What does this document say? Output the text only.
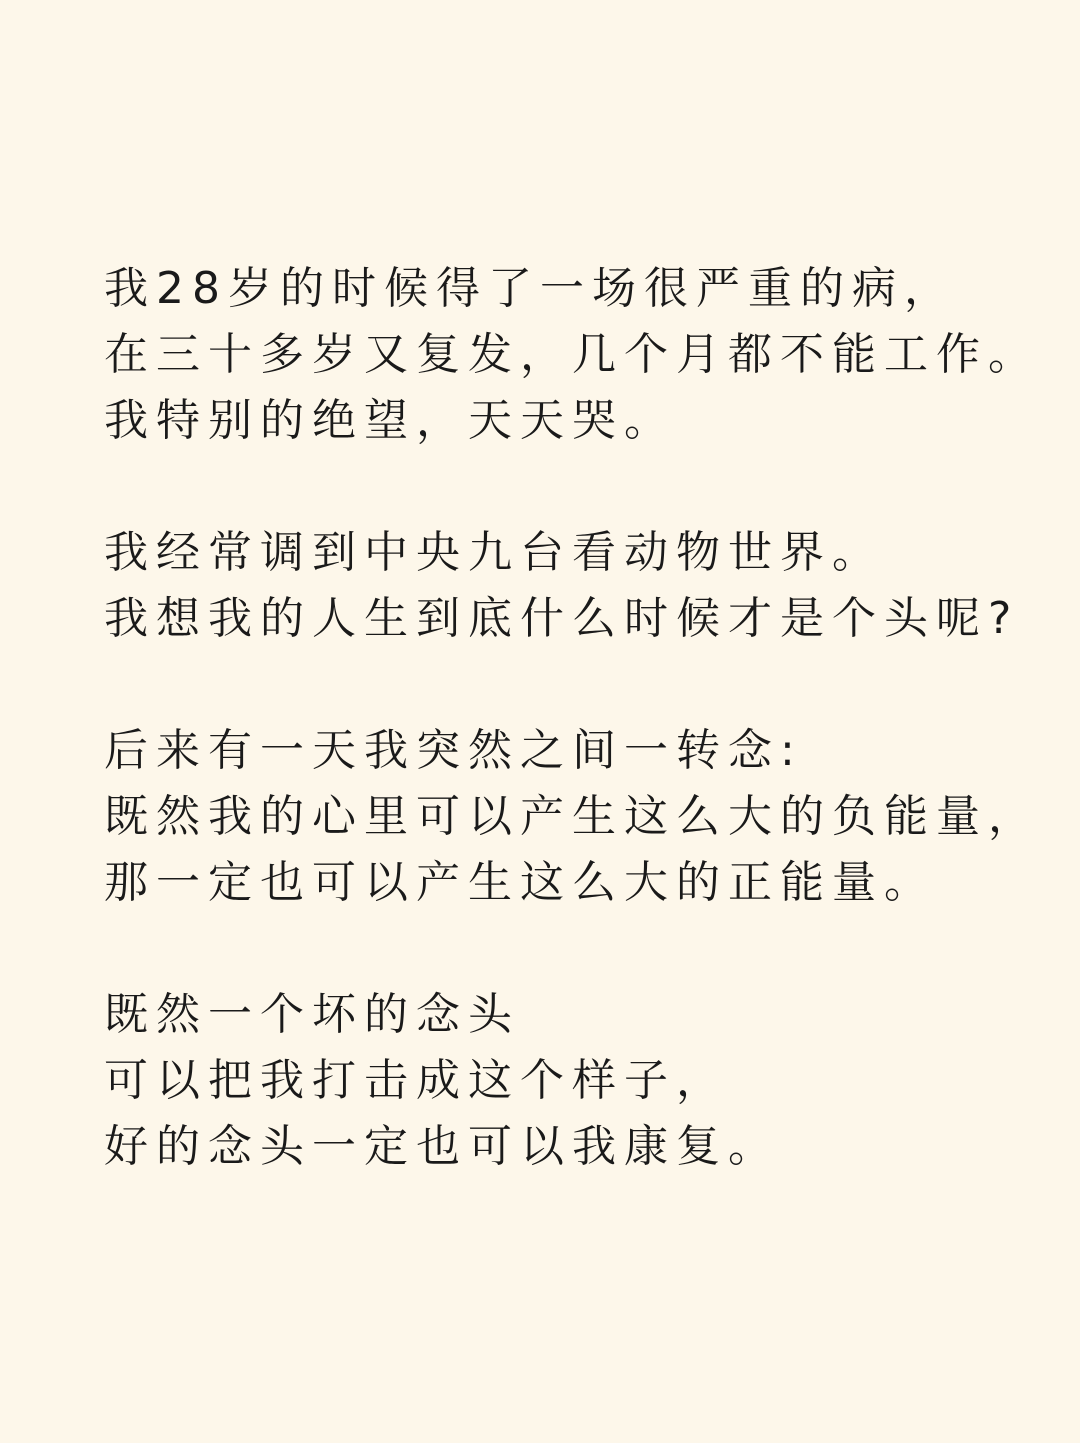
我28岁的时候得了一场很严重的病，
在三十多岁又复发，几个月都不能工作。
我特别的绝望，天天哭。

我经常调到中央九台看动物世界。
我想我的人生到底什么时候才是个头呢?

后来有一天我突然之间一转念:
既然我的心里可以产生这么大的负能量，
那一定也可以产生这么大的正能量。

既然一个坏的念头
可以把我打击成这个样子，
好的念头一定也可以我康复。
